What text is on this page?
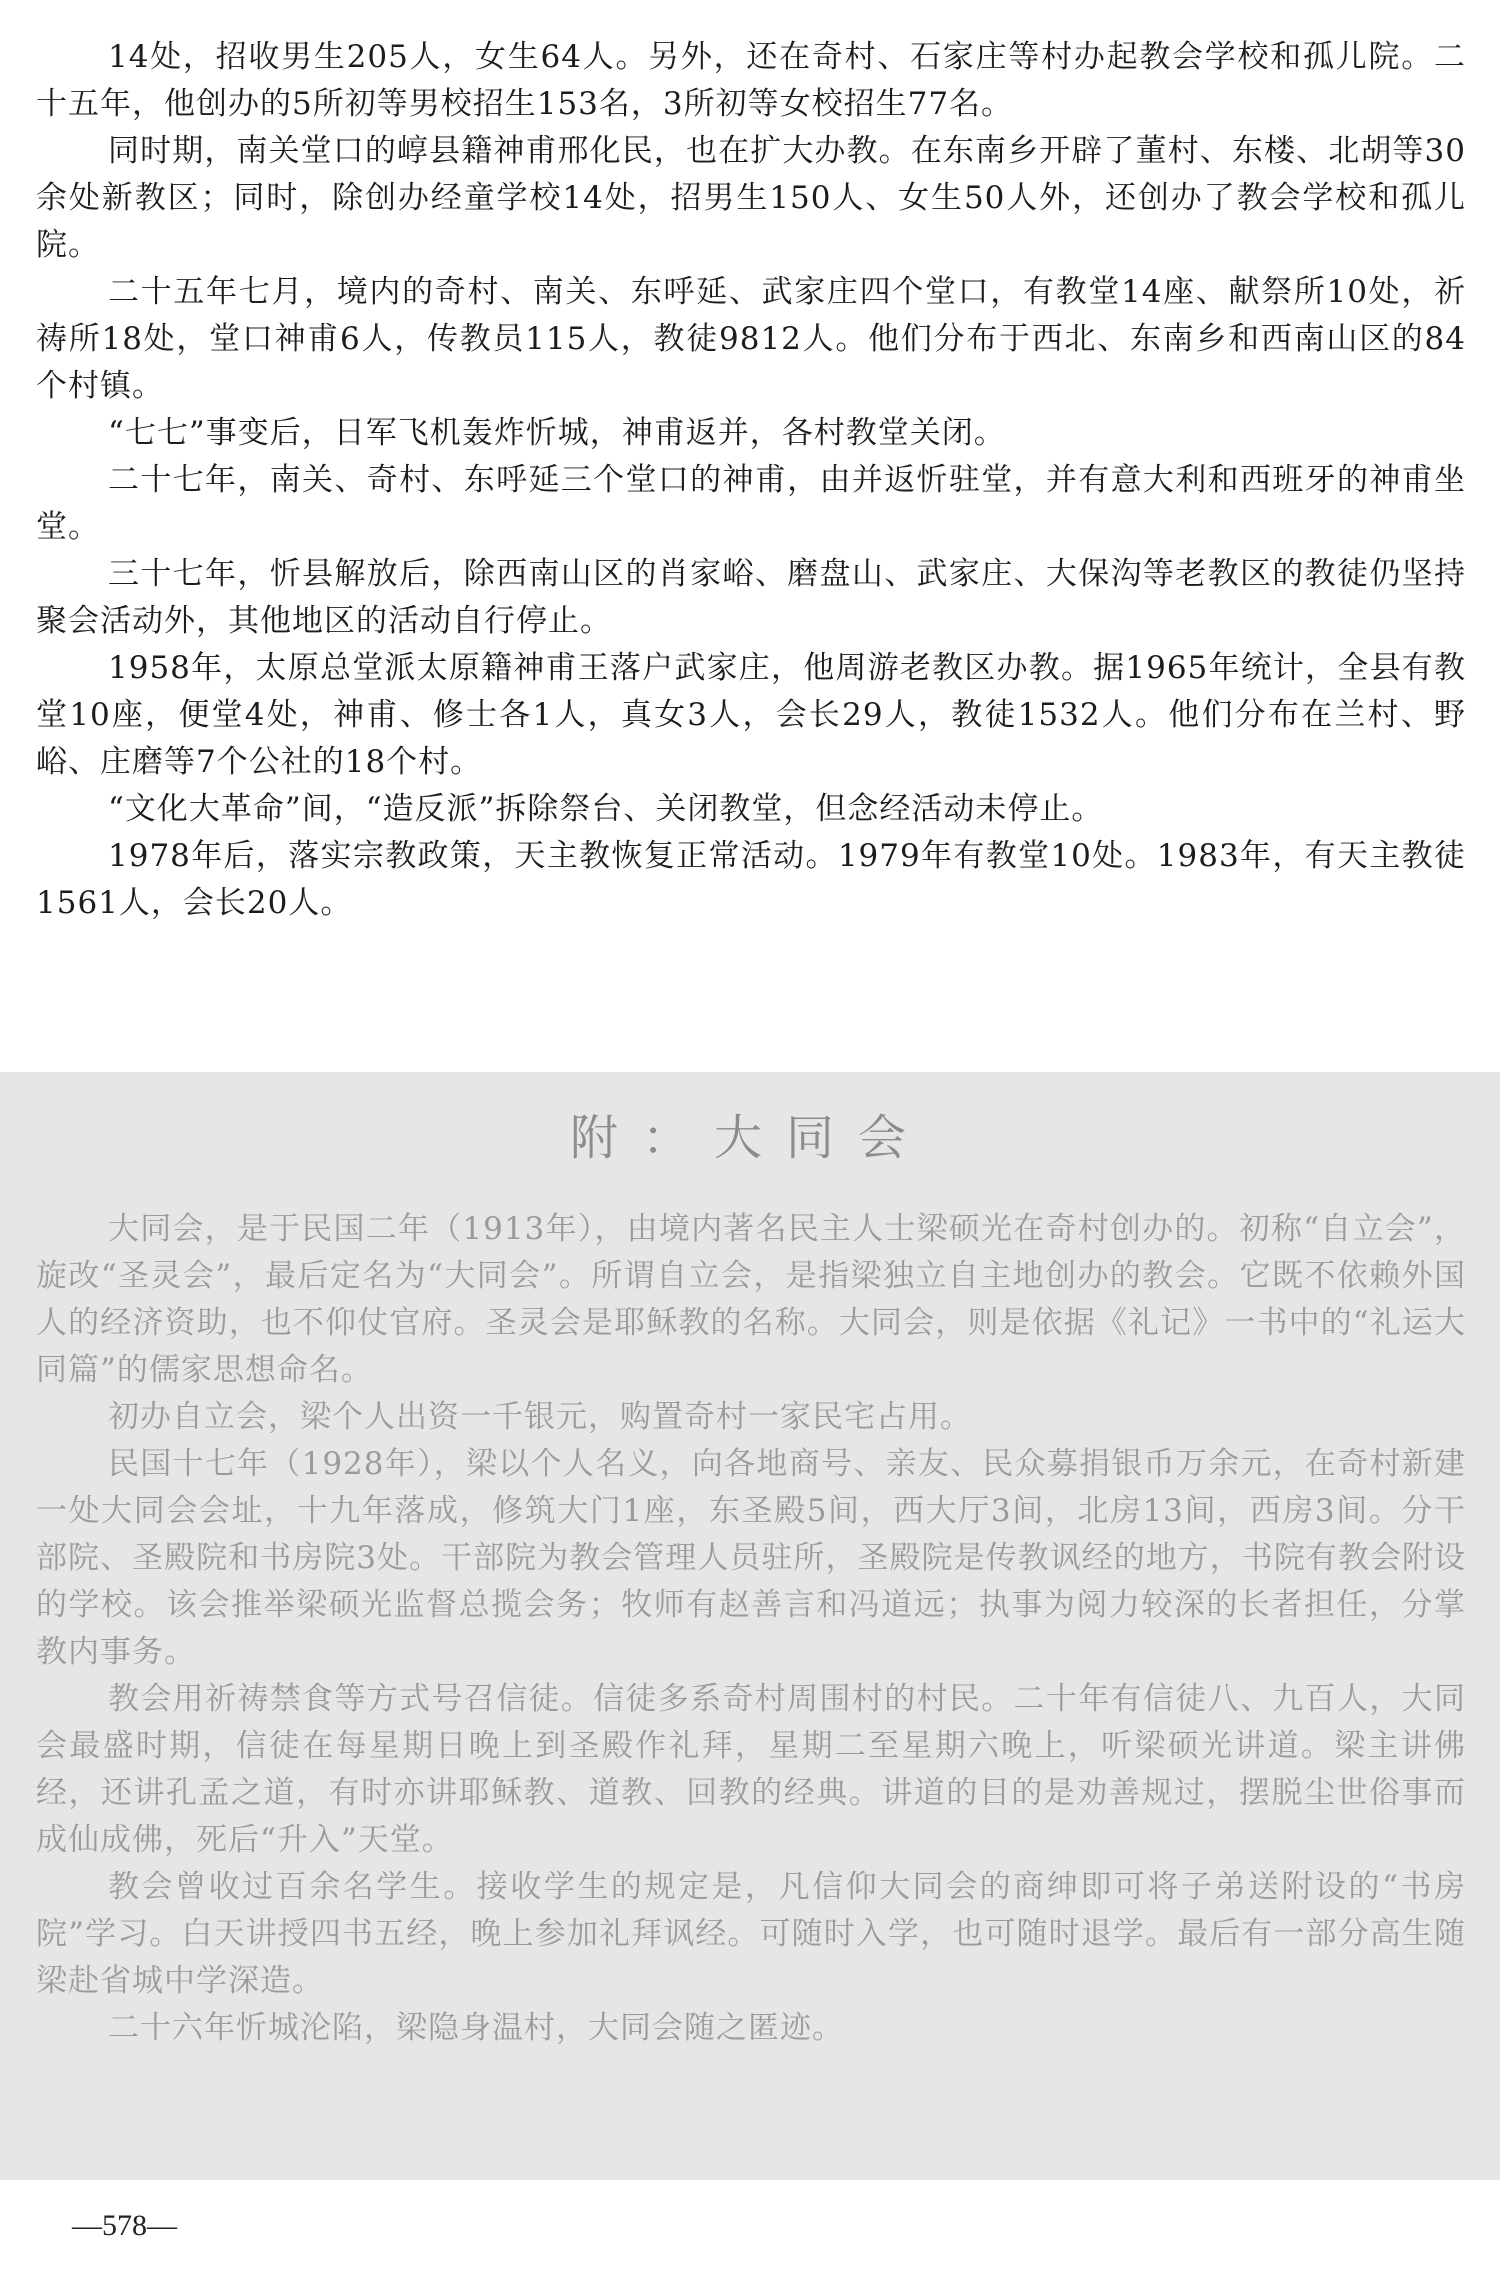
14处，招收男生205人，女生64人。另外，还在奇村、石家庄等村办起教会学校和孤儿院。二十五年，他创办的5所初等男校招生153名，3所初等女校招生77名。

同时期，南关堂口的崞县籍神甫邢化民，也在扩大办教。在东南乡开辟了董村、东楼、北胡等30余处新教区；同时，除创办经童学校14处，招男生150人、女生50人外，还创办了教会学校和孤儿院。

二十五年七月，境内的奇村、南关、东呼延、武家庄四个堂口，有教堂14座、献祭所10处，祈祷所18处，堂口神甫6人，传教员115人，教徒9812人。他们分布于西北、东南乡和西南山区的84个村镇。

“七七”事变后，日军飞机轰炸忻城，神甫返并，各村教堂关闭。

二十七年，南关、奇村、东呼延三个堂口的神甫，由并返忻驻堂，并有意大利和西班牙的神甫坐堂。

三十七年，忻县解放后，除西南山区的肖家峪、磨盘山、武家庄、大保沟等老教区的教徒仍坚持聚会活动外，其他地区的活动自行停止。

1958年，太原总堂派太原籍神甫王落户武家庄，他周游老教区办教。据1965年统计，全县有教堂10座，便堂4处，神甫、修士各1人，真女3人，会长29人，教徒1532人。他们分布在兰村、野峪、庄磨等7个公社的18个村。

“文化大革命”间，“造反派”拆除祭台、关闭教堂，但念经活动未停止。

1978年后，落实宗教政策，天主教恢复正常活动。1979年有教堂10处。1983年，有天主教徒1561人，会长20人。

附：大同会

大同会，是于民国二年（1913年），由境内著名民主人士梁硕光在奇村创办的。初称“自立会”，旋改“圣灵会”，最后定名为“大同会”。所谓自立会，是指梁独立自主地创办的教会。它既不依赖外国人的经济资助，也不仰仗官府。圣灵会是耶稣教的名称。大同会，则是依据《礼记》一书中的“礼运大同篇”的儒家思想命名。

初办自立会，梁个人出资一千银元，购置奇村一家民宅占用。

民国十七年（1928年），梁以个人名义，向各地商号、亲友、民众募捐银币万余元，在奇村新建一处大同会会址，十九年落成，修筑大门1座，东圣殿5间，西大厅3间，北房13间，西房3间。分干部院、圣殿院和书房院3处。干部院为教会管理人员驻所，圣殿院是传教讽经的地方，书院有教会附设的学校。该会推举梁硕光监督总揽会务；牧师有赵善言和冯道远；执事为阅力较深的长者担任，分掌教内事务。

教会用祈祷禁食等方式号召信徒。信徒多系奇村周围村的村民。二十年有信徒八、九百人，大同会最盛时期，信徒在每星期日晚上到圣殿作礼拜，星期二至星期六晚上，听梁硕光讲道。梁主讲佛经，还讲孔孟之道，有时亦讲耶稣教、道教、回教的经典。讲道的目的是劝善规过，摆脱尘世俗事而成仙成佛，死后“升入”天堂。

教会曾收过百余名学生。接收学生的规定是，凡信仰大同会的商绅即可将子弟送附设的“书房院”学习。白天讲授四书五经，晚上参加礼拜讽经。可随时入学，也可随时退学。最后有一部分高生随梁赴省城中学深造。

二十六年忻城沦陷，梁隐身温村，大同会随之匿迹。

—578—
